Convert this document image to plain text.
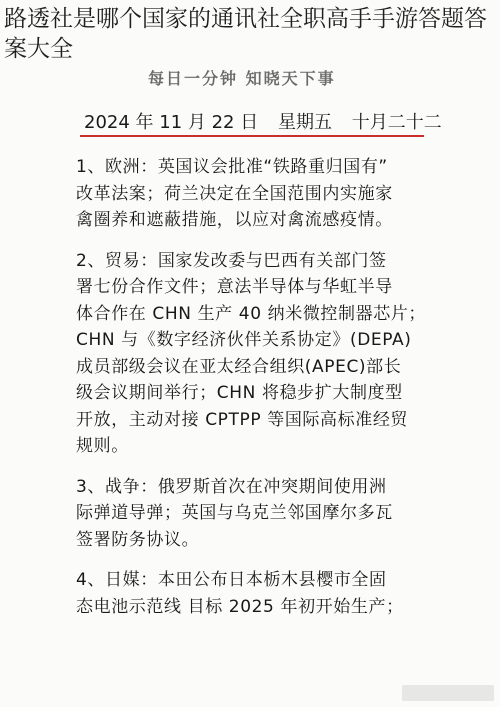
路透社是哪个国家的通讯社全职高手手游答题答案大全
每日一分钟 知晓天下事
2024 年 11 月 22 日 星期五 十月二十二

1、欧洲：英国议会批准“铁路重归国有”

改革法案；荷兰决定在全国范围内实施家

禽圈养和遮蔽措施，以应对禽流感疫情。

2、贸易：国家发改委与巴西有关部门签

署七份合作文件；意法半导体与华虹半导

体合作在 CHN 生产 40 纳米微控制器芯片；

CHN 与《数字经济伙伴关系协定》(DEPA)

成员部级会议在亚太经合组织(APEC)部长

级会议期间举行；CHN 将稳步扩大制度型

开放，主动对接 CPTPP 等国际高标准经贸

规则。

3、战争：俄罗斯首次在冲突期间使用洲

际弹道导弹；英国与乌克兰邻国摩尔多瓦

签署防务协议。

4、日媒：本田公布日本栃木县樱市全固

态电池示范线 目标 2025 年初开始生产；
